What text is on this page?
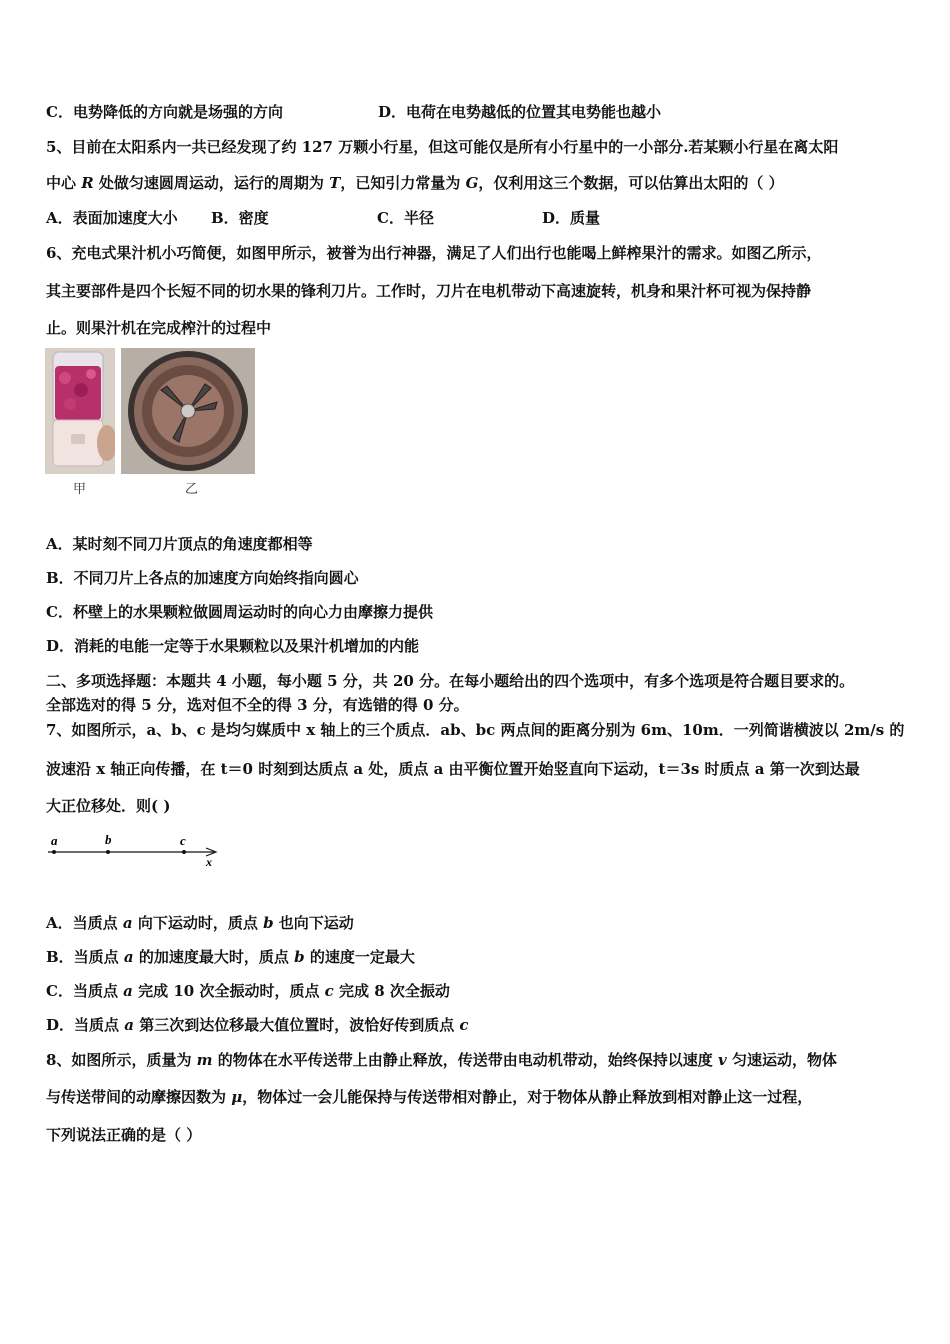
C．电势降低的方向就是场强的方向	D．电荷在电势越低的位置其电势能也越小
5、目前在太阳系内一共已经发现了约 127 万颗小行星，但这可能仅是所有小行星中的一小部分.若某颗小行星在离太阳
中心 R 处做匀速圆周运动，运行的周期为 T，已知引力常量为 G，仅利用这三个数据，可以估算出太阳的（ ）
A．表面加速度大小 B．密度	C．半径	D．质量
6、充电式果汁机小巧简便，如图甲所示，被誉为出行神器，满足了人们出行也能喝上鲜榨果汁的需求。如图乙所示，
其主要部件是四个长短不同的切水果的锋利刀片。工作时，刀片在电机带动下高速旋转，机身和果汁杯可视为保持静
止。则果汁机在完成榨汁的过程中
甲	乙
A．某时刻不同刀片顶点的角速度都相等
B．不同刀片上各点的加速度方向始终指向圆心
C．杯壁上的水果颗粒做圆周运动时的向心力由摩擦力提供
D．消耗的电能一定等于水果颗粒以及果汁机增加的内能
二、多项选择题：本题共 4 小题，每小题 5 分，共 20 分。在每小题给出的四个选项中，有多个选项是符合题目要求的。
全部选对的得 5 分，选对但不全的得 3 分，有选错的得 0 分。
7、如图所示，a、b、c 是均匀媒质中 x 轴上的三个质点．ab、bc 两点间的距离分别为 6m、10m．一列简谐横波以 2m/s 的
波速沿 x 轴正向传播，在 t＝0 时刻到达质点 a 处，质点 a 由平衡位置开始竖直向下运动，t＝3s 时质点 a 第一次到达最
大正位移处．则( )
a	b	c
x
A．当质点 a 向下运动时，质点 b 也向下运动
B．当质点 a 的加速度最大时，质点 b 的速度一定最大
C．当质点 a 完成 10 次全振动时，质点 c 完成 8 次全振动
D．当质点 a 第三次到达位移最大值位置时，波恰好传到质点 c
8、如图所示，质量为 m 的物体在水平传送带上由静止释放，传送带由电动机带动，始终保持以速度 v 匀速运动，物体
与传送带间的动摩擦因数为 μ，物体过一会儿能保持与传送带相对静止，对于物体从静止释放到相对静止这一过程，
下列说法正确的是（ ）
